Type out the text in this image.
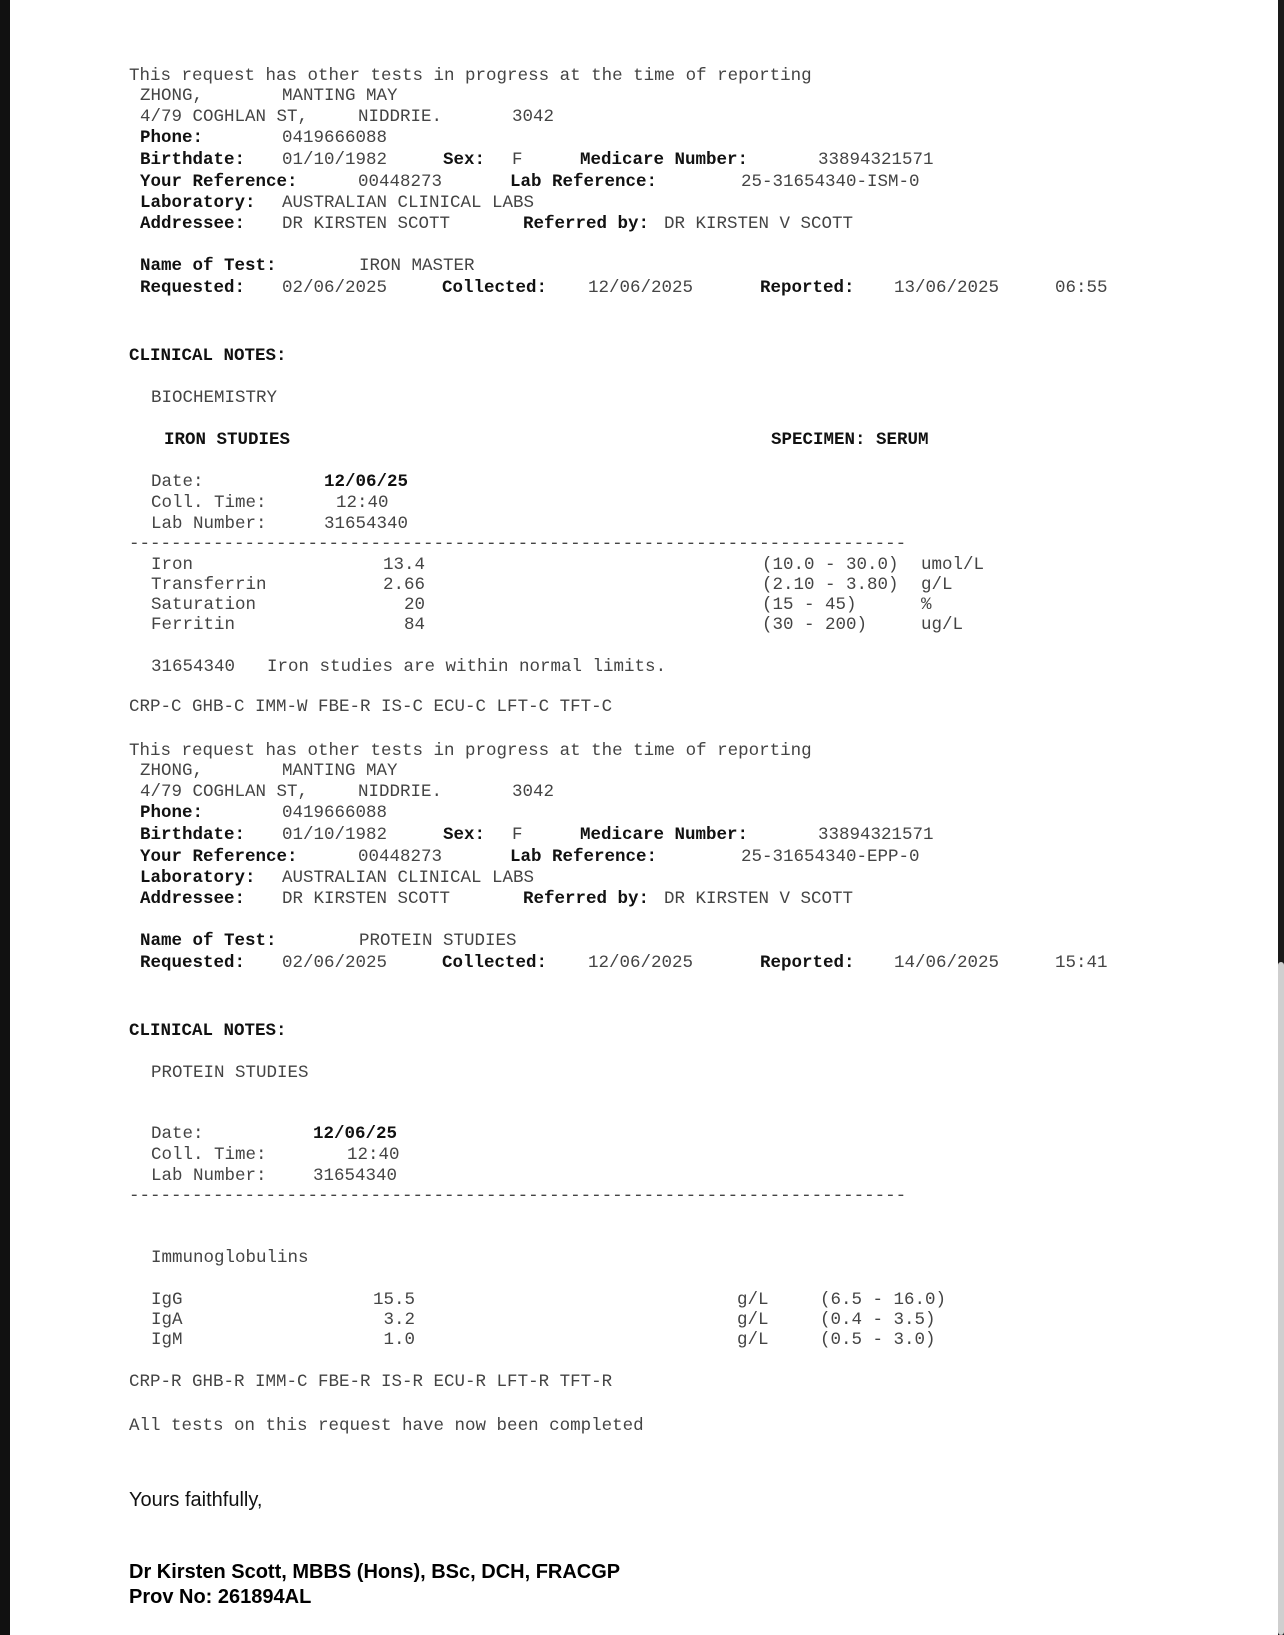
This request has other tests in progress at the time of reporting
ZHONG,	MANTING MAY
4/79 COGHLAN ST,	NIDDRIE.	3042
Phone:	0419666088
Birthdate: 01/10/1982	Sex: F	Medicare Number:	33894321571
Your Reference:	00448273	Lab Reference:	25-31654340-ISM-0
Laboratory: AUSTRALIAN CLINICAL LABS
Addressee: DR KIRSTEN SCOTT	Referred by: DR KIRSTEN V SCOTT
Name of Test:	IRON MASTER
Requested: 02/06/2025	Collected: 12/06/2025	Reported: 13/06/2025	06:55
CLINICAL NOTES:
BIOCHEMISTRY
IRON STUDIES	SPECIMEN: SERUM
Date:	12/06/25
Coll. Time:	12:40
Lab Number:	31654340
--------------------------------------------------------------------------
Iron	13.4	(10.0 - 30.0) umol/L
Transferrin	2.66	(2.10 - 3.80) g/L
Saturation	20	(15 - 45)	%
Ferritin	84	(30 - 200)	ug/L
31654340 Iron studies are within normal limits.
CRP-C GHB-C IMM-W FBE-R IS-C ECU-C LFT-C TFT-C
This request has other tests in progress at the time of reporting
ZHONG,	MANTING MAY
4/79 COGHLAN ST,	NIDDRIE.	3042
Phone:	0419666088
Birthdate: 01/10/1982	Sex: F	Medicare Number:	33894321571
Your Reference:	00448273	Lab Reference:	25-31654340-EPP-0
Laboratory: AUSTRALIAN CLINICAL LABS
Addressee: DR KIRSTEN SCOTT	Referred by: DR KIRSTEN V SCOTT
Name of Test:	PROTEIN STUDIES
Requested: 02/06/2025	Collected: 12/06/2025	Reported: 14/06/2025	15:41
CLINICAL NOTES:
PROTEIN STUDIES
Date:	12/06/25
Coll. Time:	12:40
Lab Number:	31654340
--------------------------------------------------------------------------
Immunoglobulins
IgG	15.5	g/L	(6.5 - 16.0)
IgA	3.2	g/L	(0.4 - 3.5)
IgM	1.0	g/L	(0.5 - 3.0)
CRP-R GHB-R IMM-C FBE-R IS-R ECU-R LFT-R TFT-R
All tests on this request have now been completed
Yours faithfully,
Dr Kirsten Scott, MBBS (Hons), BSc, DCH, FRACGP
Prov No: 261894AL
